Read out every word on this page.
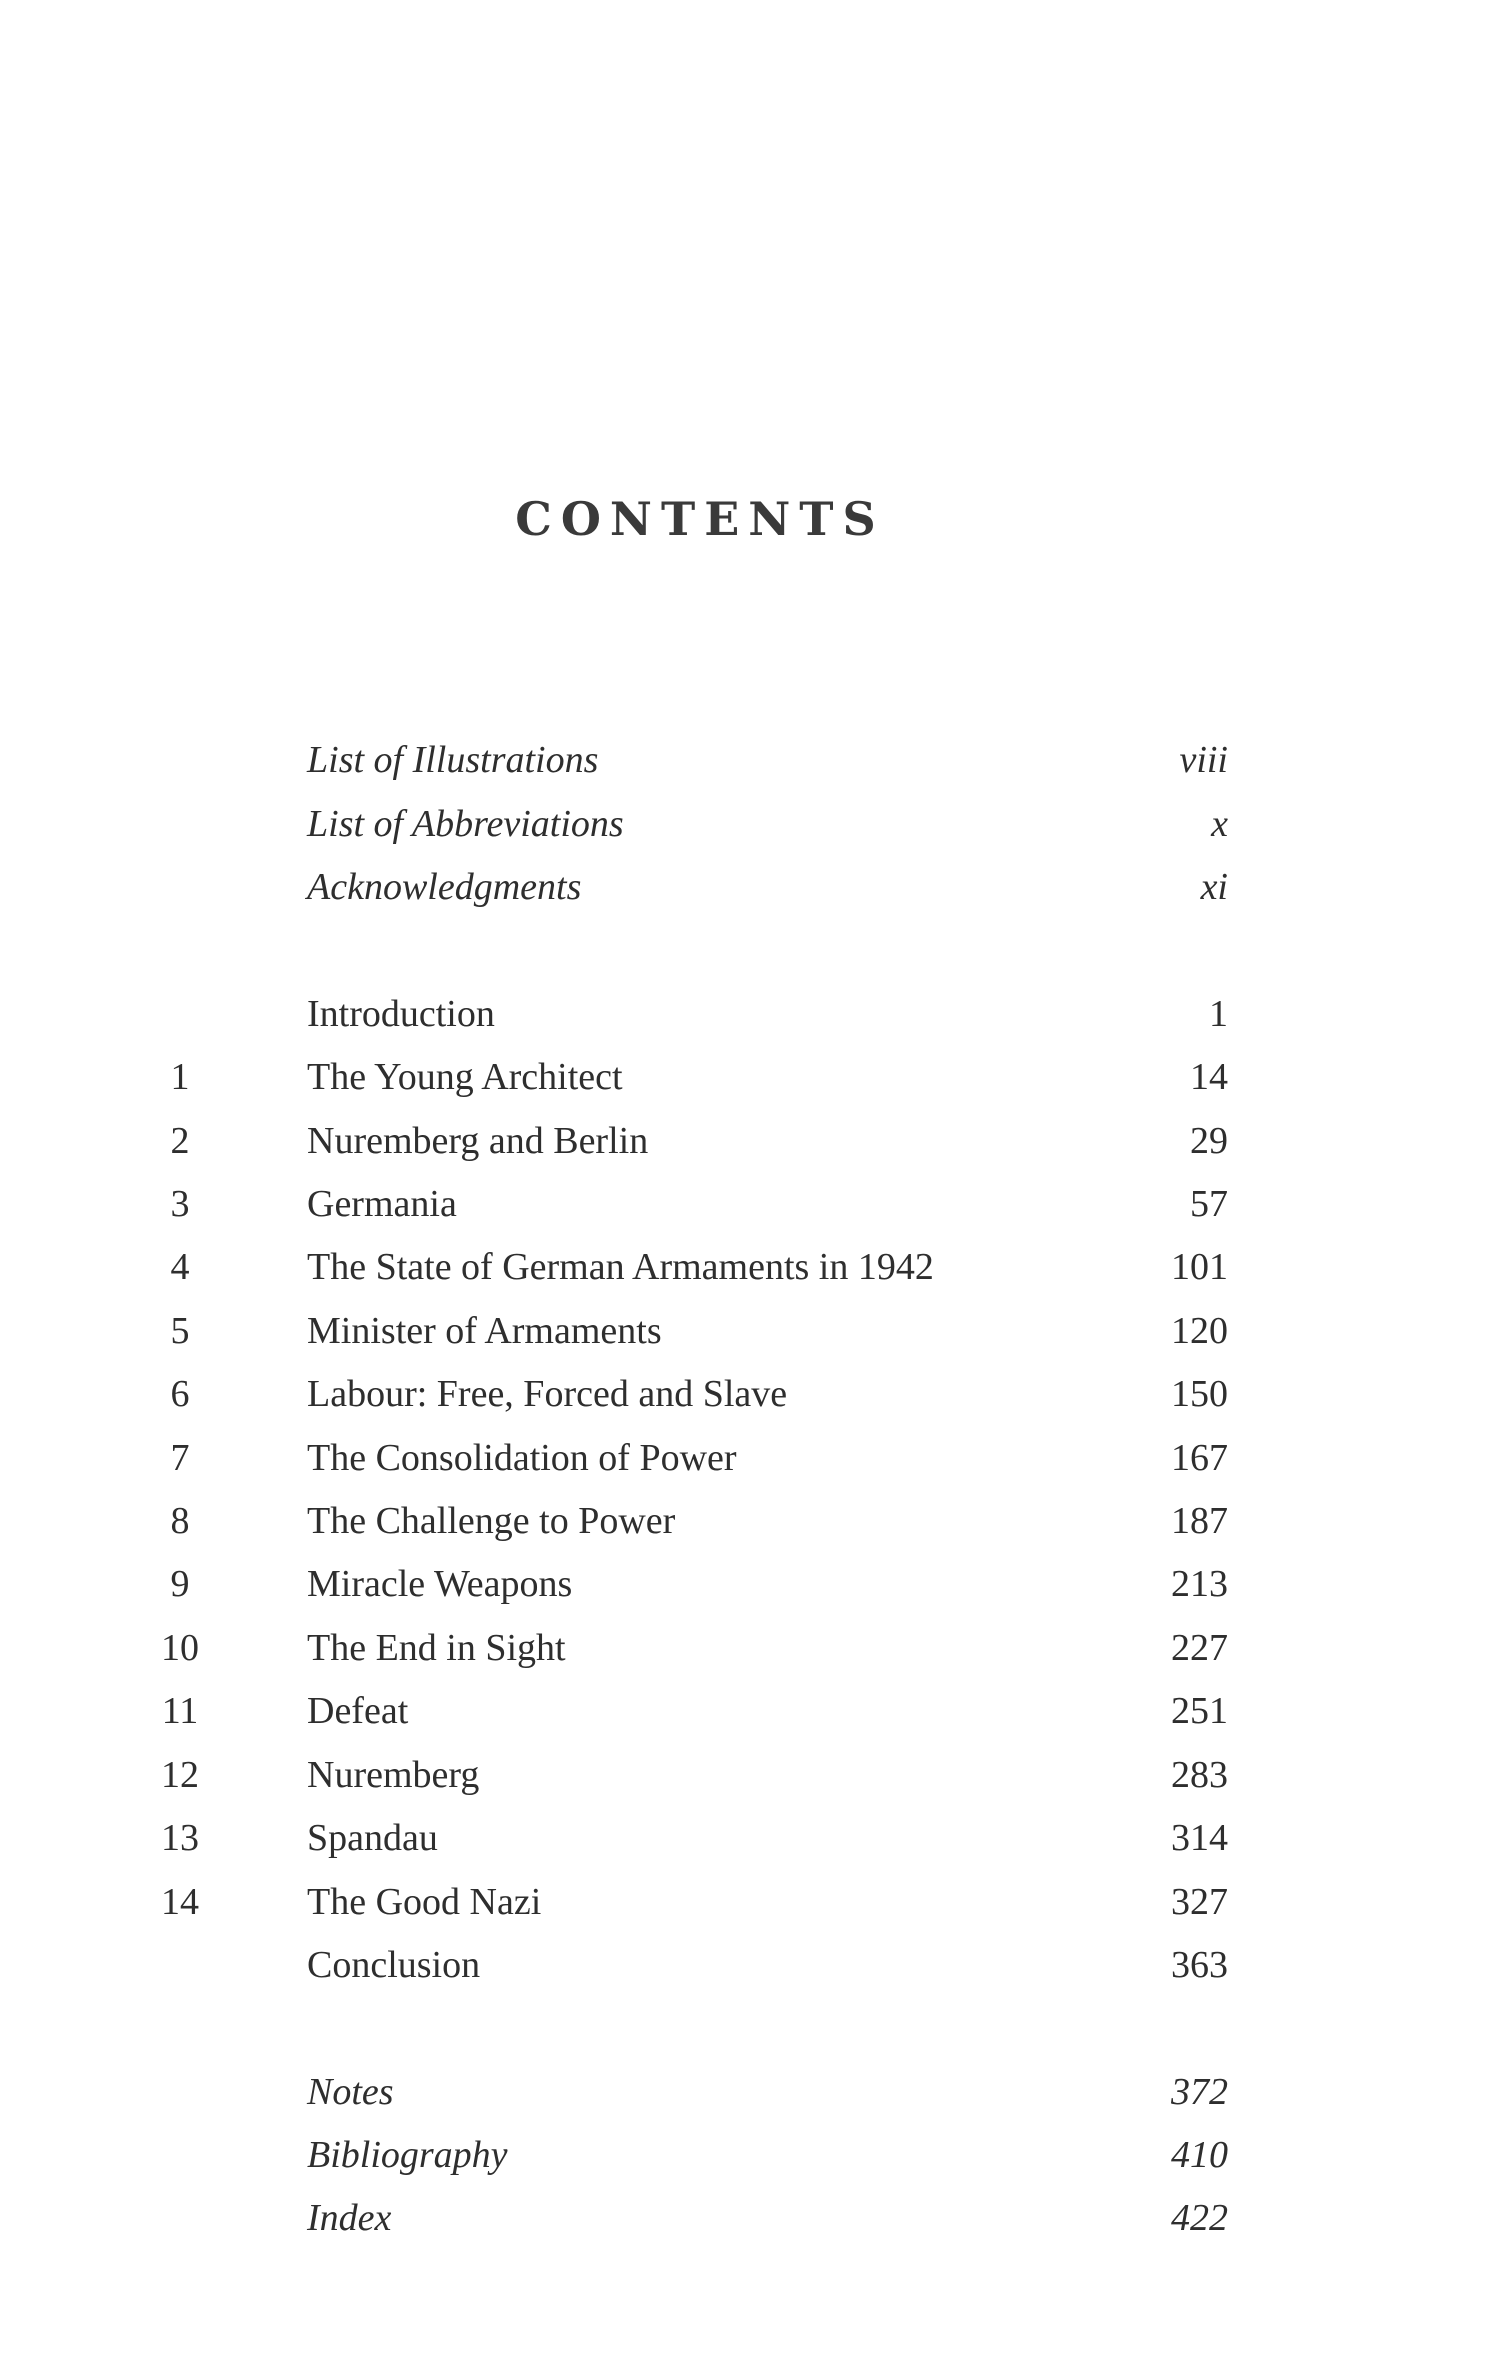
CONTENTS
List of Illustrations	viii
List of Abbreviations	x
Acknowledgments	xi
Introduction	1
1	The Young Architect	14
2	Nuremberg and Berlin	29
3	Germania	57
4	The State of German Armaments in 1942	101
5	Minister of Armaments	120
6	Labour: Free, Forced and Slave	150
7	The Consolidation of Power	167
8	The Challenge to Power	187
9	Miracle Weapons	213
10	The End in Sight	227
11	Defeat	251
12	Nuremberg	283
13	Spandau	314
14	The Good Nazi	327
Conclusion	363
Notes	372
Bibliography	410
Index	422
